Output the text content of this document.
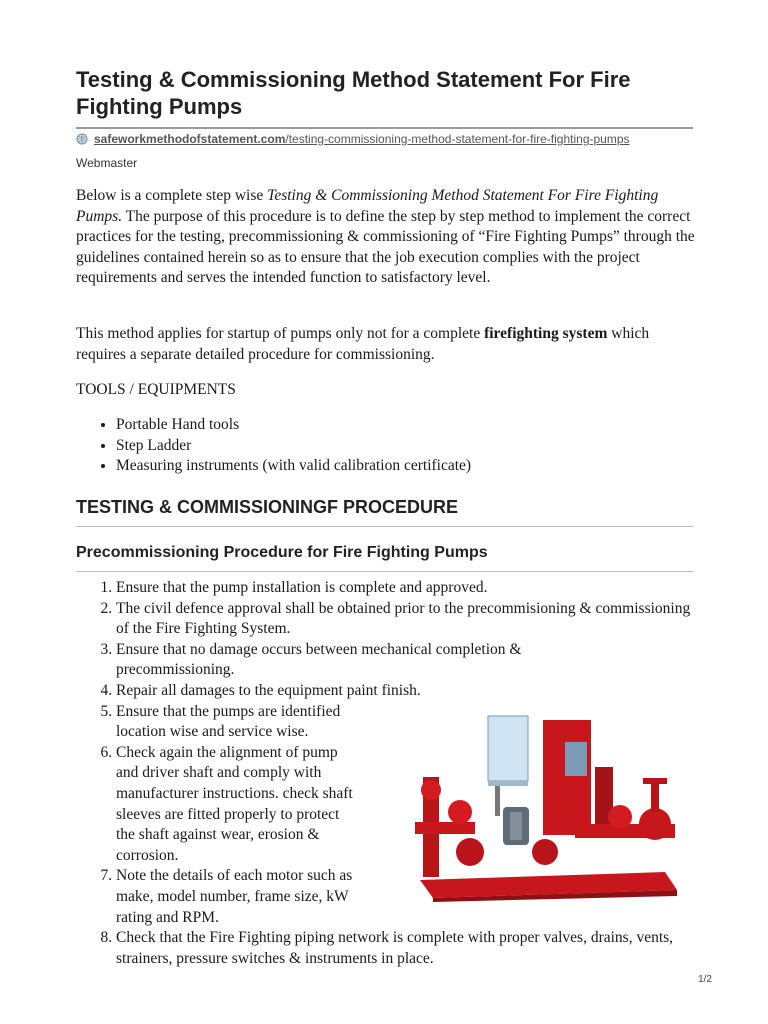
Testing & Commissioning Method Statement For Fire Fighting Pumps
safeworkmethodofstatement.com/testing-commissioning-method-statement-for-fire-fighting-pumps
Webmaster

Below is a complete step wise Testing & Commissioning Method Statement For Fire Fighting Pumps. The purpose of this procedure is to define the step by step method to implement the correct practices for the testing, precommissioning & commissioning of “Fire Fighting Pumps” through the guidelines contained herein so as to ensure that the job execution complies with the project requirements and serves the intended function to satisfactory level.

This method applies for startup of pumps only not for a complete firefighting system which requires a separate detailed procedure for commissioning.

TOOLS / EQUIPMENTS

• Portable Hand tools
• Step Ladder
• Measuring instruments (with valid calibration certificate)
TESTING & COMMISSIONINGF PROCEDURE
Precommissioning Procedure for Fire Fighting Pumps
1. Ensure that the pump installation is complete and approved.
2. The civil defence approval shall be obtained prior to the precommisioning & commissioning of the Fire Fighting System.
3. Ensure that no damage occurs between mechanical completion & precommissioning.
4. Repair all damages to the equipment paint finish.
5. Ensure that the pumps are identified location wise and service wise.
6. Check again the alignment of pump and driver shaft and comply with manufacturer instructions. check shaft sleeves are fitted properly to protect the shaft against wear, erosion & corrosion.
7. Note the details of each motor such as make, model number, frame size, kW rating and RPM.
8. Check that the Fire Fighting piping network is complete with proper valves, drains, vents, strainers, pressure switches & instruments in place.
1/2
